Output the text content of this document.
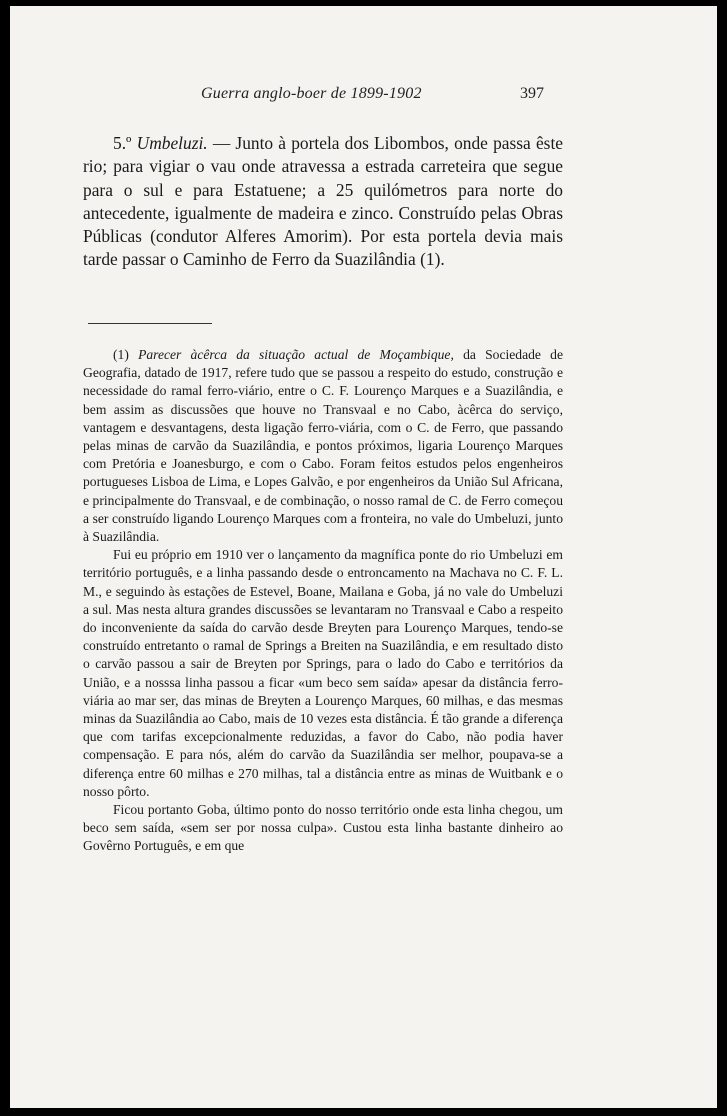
Guerra anglo-boer de 1899-1902	397

5.º Umbeluzi. — Junto à portela dos Libombos, onde passa êste rio; para vigiar o vau onde atravessa a estrada carreteira que segue para o sul e para Estatuene; a 25 quilómetros para norte do antecedente, igualmente de madeira e zinco. Construído pelas Obras Públicas (condutor Alferes Amorim). Por esta portela devia mais tarde passar o Caminho de Ferro da Suazilândia (1).

(1) Parecer àcêrca da situação actual de Moçambique, da Sociedade de Geografia, datado de 1917, refere tudo que se passou a respeito do estudo, construção e necessidade do ramal ferro-viário, entre o C. F. Lourenço Marques e a Suazilândia, e bem assim as discussões que houve no Transvaal e no Cabo, àcêrca do serviço, vantagem e desvantagens, desta ligação ferro-viária, com o C. de Ferro, que passando pelas minas de carvão da Suazilândia, e pontos próximos, ligaria Lourenço Marques com Pretória e Joanesburgo, e com o Cabo. Foram feitos estudos pelos engenheiros portugueses Lisboa de Lima, e Lopes Galvão, e por engenheiros da União Sul Africana, e principalmente do Transvaal, e de combinação, o nosso ramal de C. de Ferro começou a ser construído ligando Lourenço Marques com a fronteira, no vale do Umbeluzi, junto à Suazilândia.

Fui eu próprio em 1910 ver o lançamento da magnífica ponte do rio Umbeluzi em território português, e a linha passando desde o entroncamento na Machava no C. F. L. M., e seguindo às estações de Estevel, Boane, Mailana e Goba, já no vale do Umbeluzi a sul. Mas nesta altura grandes discussões se levantaram no Transvaal e Cabo a respeito do inconveniente da saída do carvão desde Breyten para Lourenço Marques, tendo-se construído entretanto o ramal de Springs a Breiten na Suazilândia, e em resultado disto o carvão passou a sair de Breyten por Springs, para o lado do Cabo e territórios da União, e a nosssa linha passou a ficar «um beco sem saída» apesar da distância ferro-viária ao mar ser, das minas de Breyten a Lourenço Marques, 60 milhas, e das mesmas minas da Suazilândia ao Cabo, mais de 10 vezes esta distância. É tão grande a diferença que com tarifas excepcionalmente reduzidas, a favor do Cabo, não podia haver compensação. E para nós, além do carvão da Suazilândia ser melhor, poupava-se a diferença entre 60 milhas e 270 milhas, tal a distância entre as minas de Wuitbank e o nosso pôrto.

Ficou portanto Goba, último ponto do nosso território onde esta linha chegou, um beco sem saída, «sem ser por nossa culpa». Custou esta linha bastante dinheiro ao Govêrno Português, e em que
